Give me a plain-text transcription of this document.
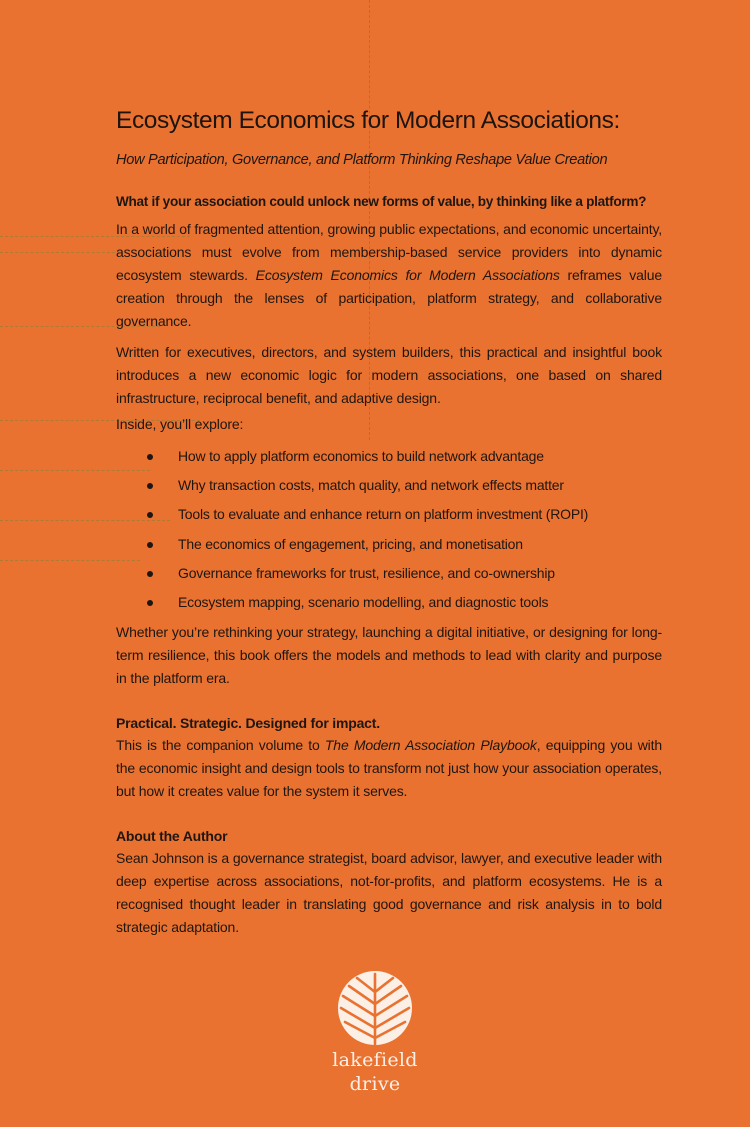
Ecosystem Economics for Modern Associations:
How Participation, Governance, and Platform Thinking Reshape Value Creation
What if your association could unlock new forms of value, by thinking like a platform?

In a world of fragmented attention, growing public expectations, and economic uncertainty, associations must evolve from membership-based service providers into dynamic ecosystem stewards. Ecosystem Economics for Modern Associations reframes value creation through the lenses of participation, platform strategy, and collaborative governance.

Written for executives, directors, and system builders, this practical and insightful book introduces a new economic logic for modern associations, one based on shared infrastructure, reciprocal benefit, and adaptive design.

Inside, you’ll explore:
How to apply platform economics to build network advantage
Why transaction costs, match quality, and network effects matter
Tools to evaluate and enhance return on platform investment (ROPI)
The economics of engagement, pricing, and monetisation
Governance frameworks for trust, resilience, and co-ownership
Ecosystem mapping, scenario modelling, and diagnostic tools

Whether you’re rethinking your strategy, launching a digital initiative, or designing for long-term resilience, this book offers the models and methods to lead with clarity and purpose in the platform era.

Practical. Strategic. Designed for impact.

This is the companion volume to The Modern Association Playbook, equipping you with the economic insight and design tools to transform not just how your association operates, but how it creates value for the system it serves.

About the Author

Sean Johnson is a governance strategist, board advisor, lawyer, and executive leader with deep expertise across associations, not-for-profits, and platform ecosystems. He is a recognised thought leader in translating good governance and risk analysis in to bold strategic adaptation.

lakefield
drive
